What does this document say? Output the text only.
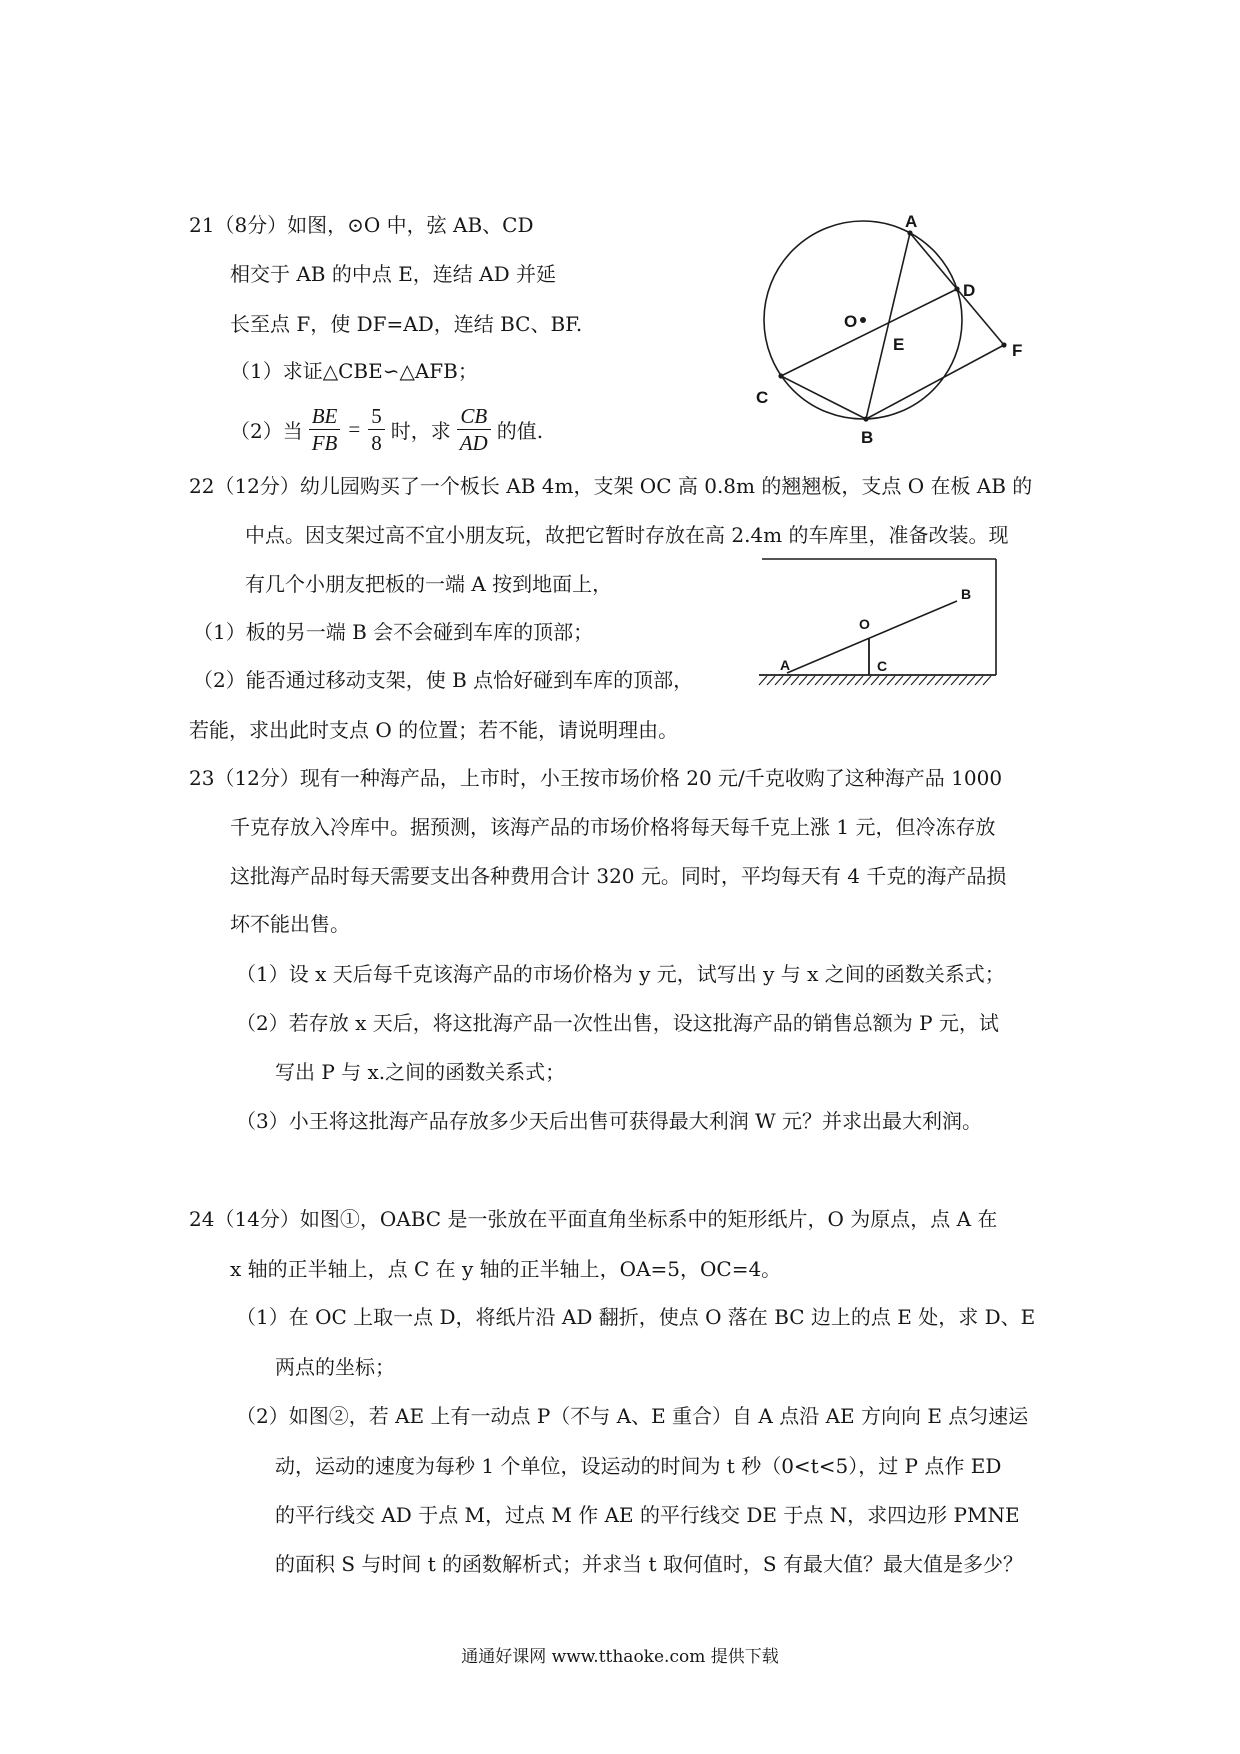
21（8分）如图，⊙O 中，弦 AB、CD
相交于 AB 的中点 E，连结 AD 并延
长至点 F，使 DF=AD，连结 BC、BF.
（1）求证△CBE∽△AFB；
（2）当 $\frac{BE}{FB} = \frac{5}{8}$ 时，求 $\frac{CB}{AD}$ 的值.
A
D
F
B
C
E
O
22（12分）幼儿园购买了一个板长 AB 4m，支架 OC 高 0.8m 的翘翘板，支点 O 在板 AB 的
中点。因支架过高不宜小朋友玩，故把它暂时存放在高 2.4m 的车库里，准备改装。现
有几个小朋友把板的一端 A 按到地面上，
（1）板的另一端 B 会不会碰到车库的顶部；
（2）能否通过移动支架，使 B 点恰好碰到车库的顶部，
若能，求出此时支点 O 的位置；若不能，请说明理由。
A
B
O
C
23（12分）现有一种海产品，上市时，小王按市场价格 20 元/千克收购了这种海产品 1000
千克存放入冷库中。据预测，该海产品的市场价格将每天每千克上涨 1 元，但冷冻存放
这批海产品时每天需要支出各种费用合计 320 元。同时，平均每天有 4 千克的海产品损
坏不能出售。
（1）设 x 天后每千克该海产品的市场价格为 y 元，试写出 y 与 x 之间的函数关系式；
（2）若存放 x 天后，将这批海产品一次性出售，设这批海产品的销售总额为 P 元，试
写出 P 与 x.之间的函数关系式；
（3）小王将这批海产品存放多少天后出售可获得最大利润 W 元？并求出最大利润。
24（14分）如图①，OABC 是一张放在平面直角坐标系中的矩形纸片，O 为原点，点 A 在
x 轴的正半轴上，点 C 在 y 轴的正半轴上，OA=5，OC=4。
（1）在 OC 上取一点 D，将纸片沿 AD 翻折，使点 O 落在 BC 边上的点 E 处，求 D、E
两点的坐标；
（2）如图②，若 AE 上有一动点 P（不与 A、E 重合）自 A 点沿 AE 方向向 E 点匀速运
动，运动的速度为每秒 1 个单位，设运动的时间为 t 秒（0<t<5），过 P 点作 ED
的平行线交 AD 于点 M，过点 M 作 AE 的平行线交 DE 于点 N，求四边形 PMNE
的面积 S 与时间 t 的函数解析式；并求当 t 取何值时，S 有最大值？最大值是多少？
通通好课网 www.tthaoke.com 提供下载
